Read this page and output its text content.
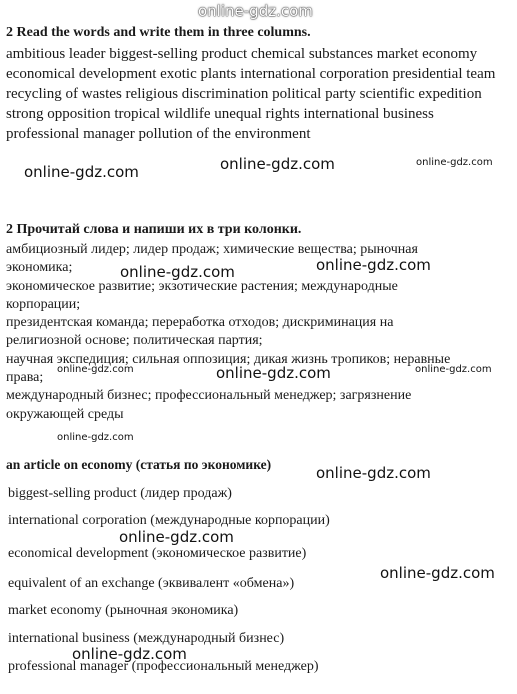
online-gdz.com
2 Read the words and write them in three columns.
ambitious leader biggest-selling product chemical substances market economy
economical development exotic plants international corporation presidential team
recycling of wastes religious discrimination political party scientific expedition
strong opposition tropical wildlife unequal rights international business
professional manager pollution of the environment
online-gdz.com	online-gdz.com	online-gdz.com
2 Прочитай слова и напиши их в три колонки.
амбициозный лидер; лидер продаж; химические вещества; рыночная
экономика;
экономическое развитие; экзотические растения; международные
корпорации;
президентская команда; переработка отходов; дискриминация на
религиозной основе; политическая партия;
научная экспедиция; сильная оппозиция; дикая жизнь тропиков; неравные
права;
международный бизнес; профессиональный менеджер; загрязнение
окружающей среды
online-gdz.com	online-gdz.com
online-gdz.com	online-gdz.com	online-gdz.com
online-gdz.com
an article on economy (статья по экономике)	online-gdz.com
biggest-selling product (лидер продаж)
international corporation (международные корпорации)
online-gdz.com
economical development (экономическое развитие)
online-gdz.com
equivalent of an exchange (эквивалент «обмена»)
market economy (рыночная экономика)
international business (международный бизнес)
online-gdz.com
professional manager (профессиональный менеджер)
